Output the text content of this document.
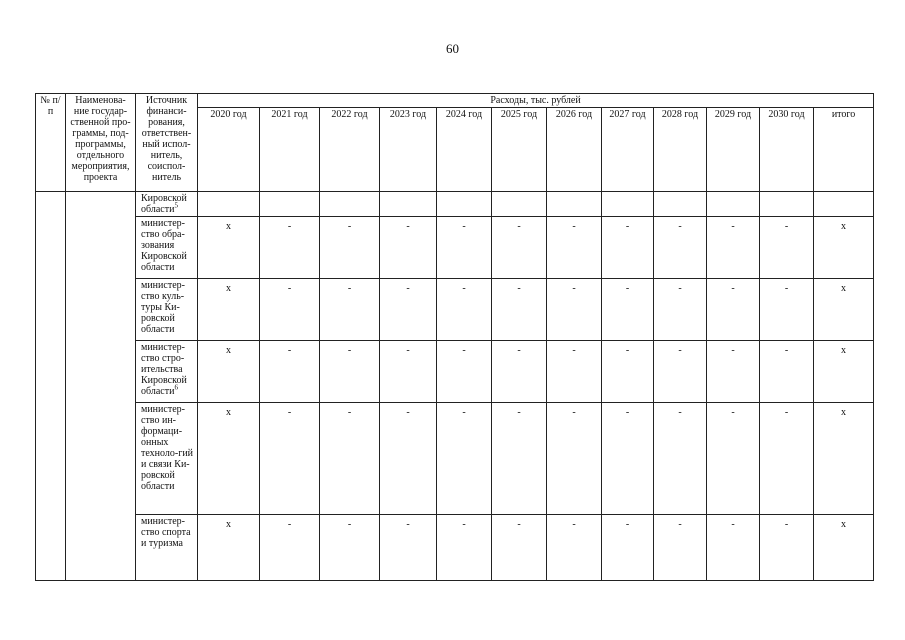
60
№ п/п	Наименова-ние государ-ственной про-граммы, под-программы, отдельного мероприятия, проекта	Источник финанси-рования, ответствен-ный испол-нитель, соиспол-нитель	Расходы, тыс. рублей											
			2020 год	2021 год	2022 год	2023 год	2024 год	2025 год	2026 год	2027 год	2028 год	2029 год	2030 год	итого
		Кировской области$^5$												
		министер-ство обра-зования Кировской области	х	-	-	-	-	-	-	-	-	-	-	х
		министер-ство куль-туры Ки-ровской области	х	-	-	-	-	-	-	-	-	-	-	х
		министер-ство стро-ительства Кировской области$^6$	х	-	-	-	-	-	-	-	-	-	-	х
		министер-ство ин-формаци-онных техноло-гий и связи Ки-ровской области	х	-	-	-	-	-	-	-	-	-	-	х
		министер-ство спорта и туризма	х	-	-	-	-	-	-	-	-	-	-	х
